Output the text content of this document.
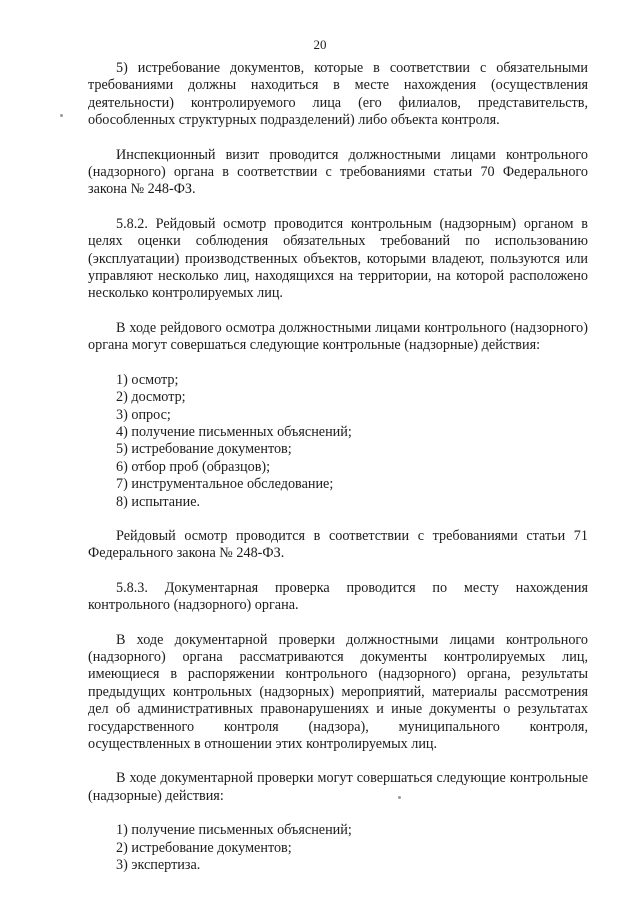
20

5) истребование документов, которые в соответствии с обязательными требованиями должны находиться в месте нахождения (осуществления деятельности) контролируемого лица (его филиалов, представительств, обособленных структурных подразделений) либо объекта контроля.

Инспекционный визит проводится должностными лицами контрольного (надзорного) органа в соответствии с требованиями статьи 70 Федерального закона № 248-ФЗ.

5.8.2. Рейдовый осмотр проводится контрольным (надзорным) органом в целях оценки соблюдения обязательных требований по использованию (эксплуатации) производственных объектов, которыми владеют, пользуются или управляют несколько лиц, находящихся на территории, на которой расположено несколько контролируемых лиц.

В ходе рейдового осмотра должностными лицами контрольного (надзорного) органа могут совершаться следующие контрольные (надзорные) действия:

1) осмотр;
2) досмотр;
3) опрос;
4) получение письменных объяснений;
5) истребование документов;
6) отбор проб (образцов);
7) инструментальное обследование;
8) испытание.

Рейдовый осмотр проводится в соответствии с требованиями статьи 71 Федерального закона № 248-ФЗ.

5.8.3. Документарная проверка проводится по месту нахождения контрольного (надзорного) органа.

В ходе документарной проверки должностными лицами контрольного (надзорного) органа рассматриваются документы контролируемых лиц, имеющиеся в распоряжении контрольного (надзорного) органа, результаты предыдущих контрольных (надзорных) мероприятий, материалы рассмотрения дел об административных правонарушениях и иные документы о результатах государственного контроля (надзора), муниципального контроля, осуществленных в отношении этих контролируемых лиц.

В ходе документарной проверки могут совершаться следующие контрольные (надзорные) действия:

1) получение письменных объяснений;
2) истребование документов;
3) экспертиза.
